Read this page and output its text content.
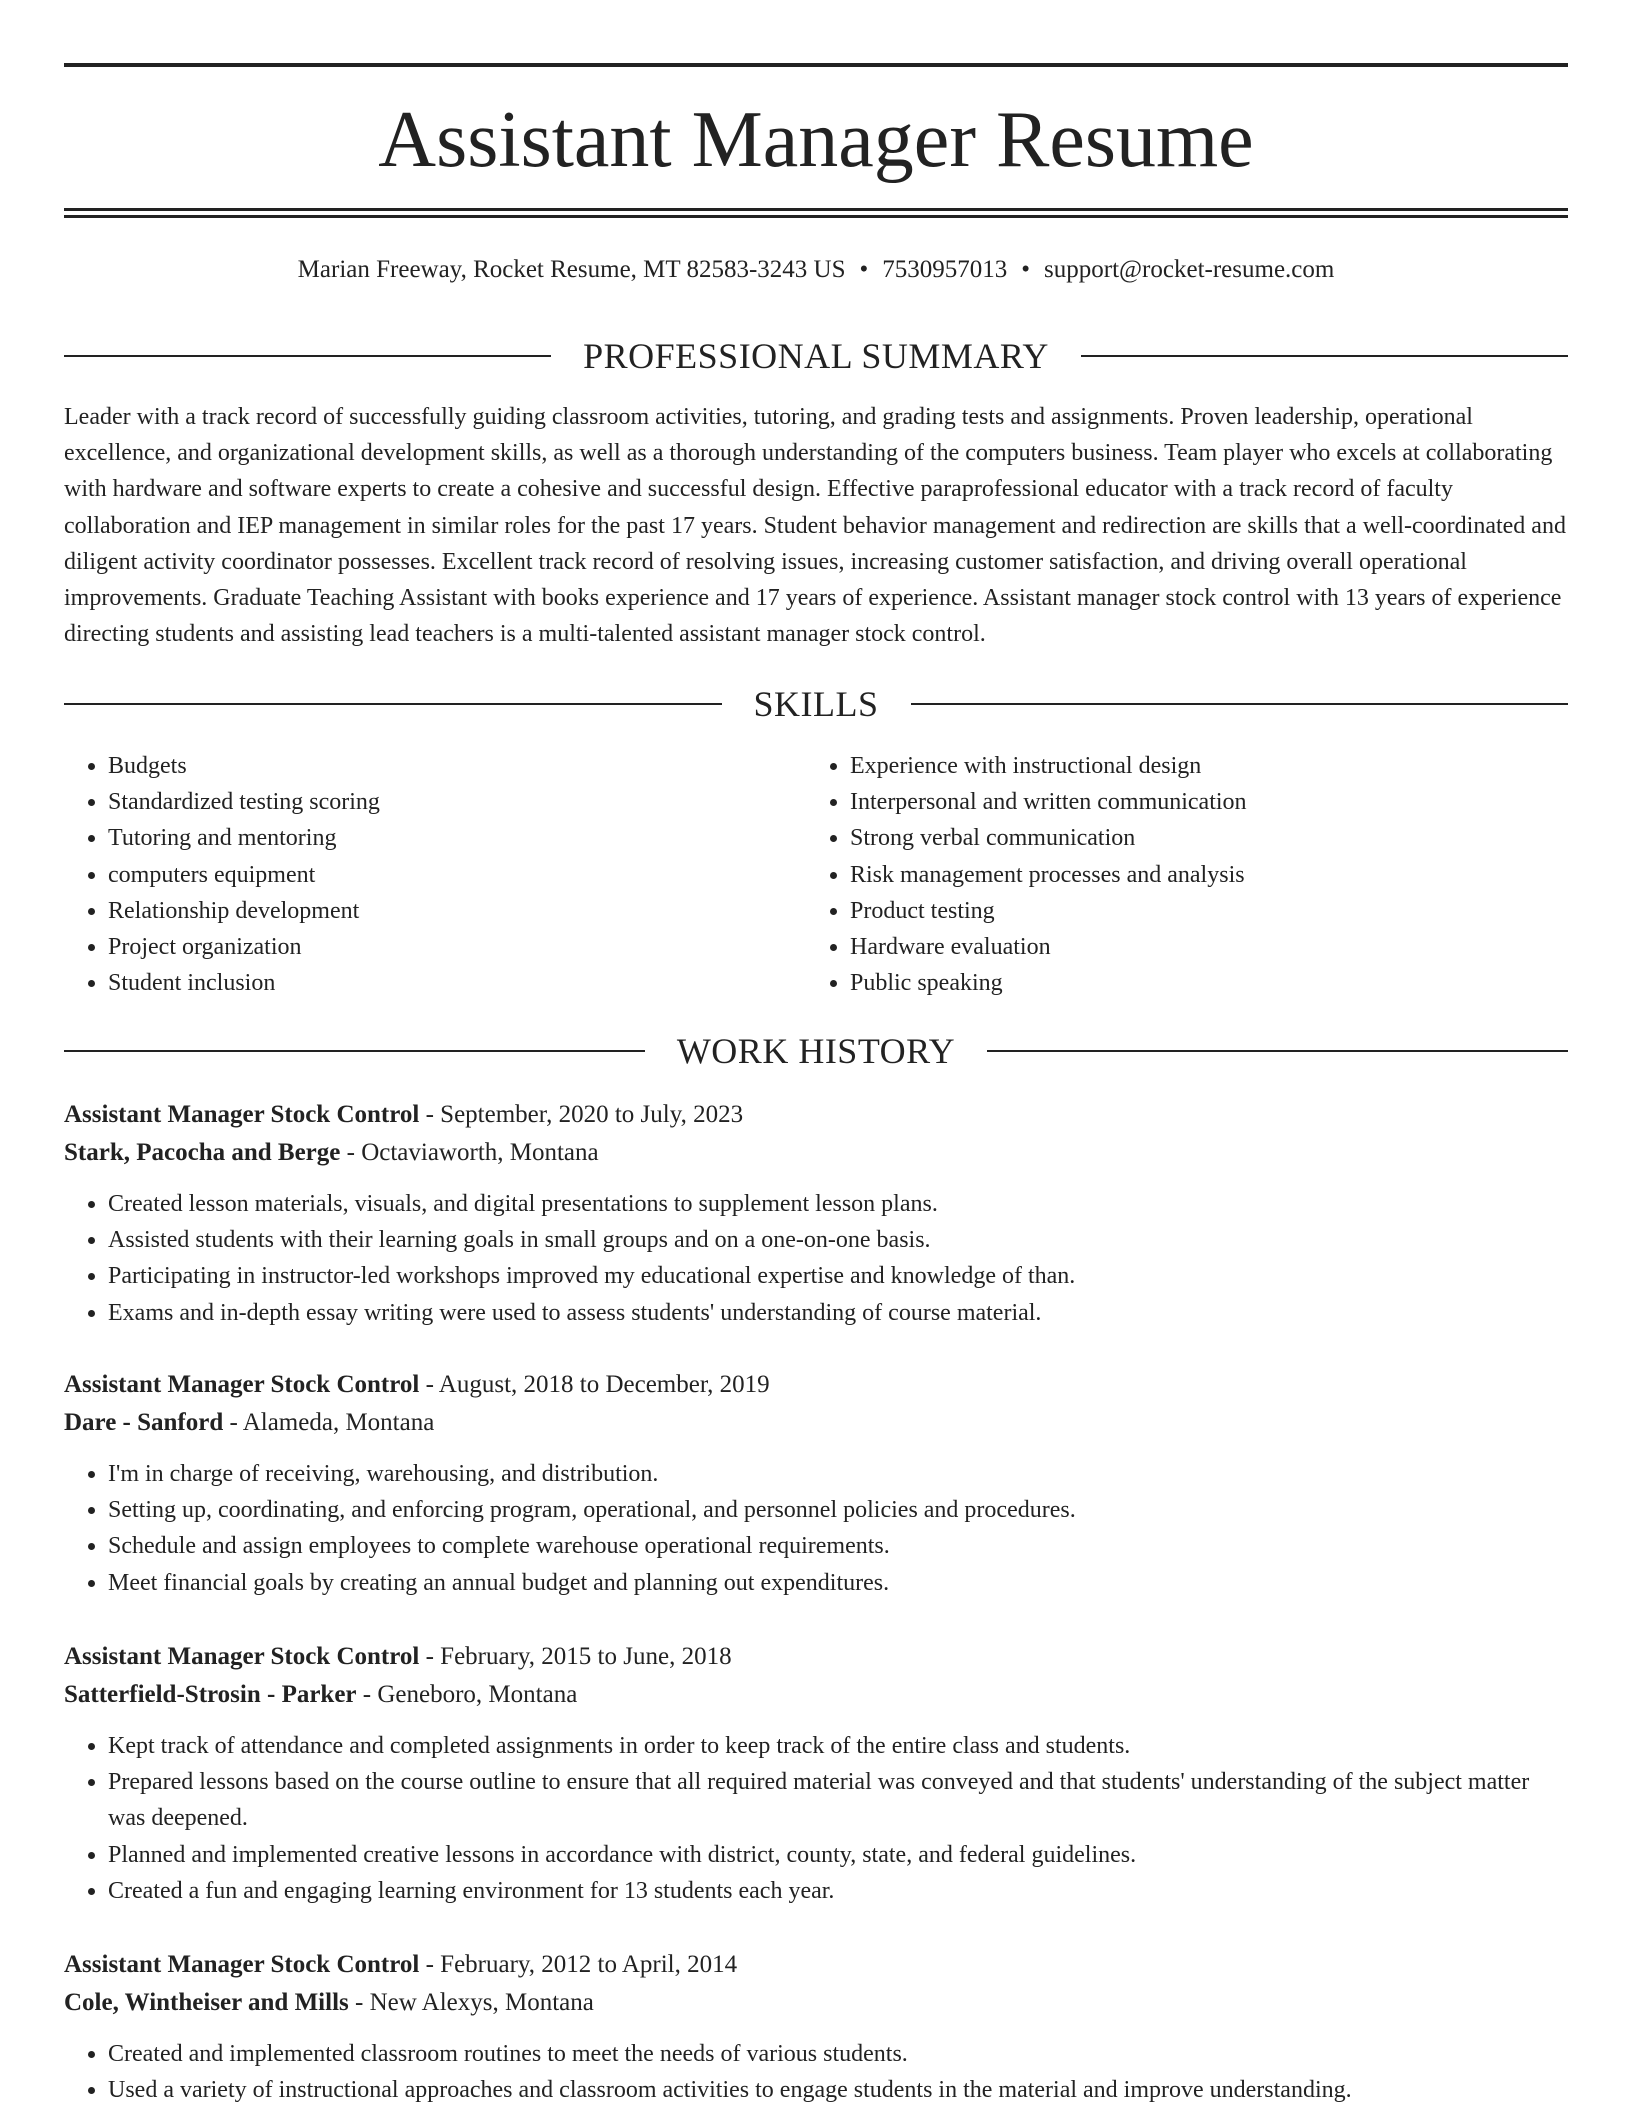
Assistant Manager Resume
Marian Freeway, Rocket Resume, MT 82583-3243 US • 7530957013 • support@rocket-resume.com
PROFESSIONAL SUMMARY

Leader with a track record of successfully guiding classroom activities, tutoring, and grading tests and assignments. Proven leadership, operational excellence, and organizational development skills, as well as a thorough understanding of the computers business. Team player who excels at collaborating with hardware and software experts to create a cohesive and successful design. Effective paraprofessional educator with a track record of faculty collaboration and IEP management in similar roles for the past 17 years. Student behavior management and redirection are skills that a well-coordinated and diligent activity coordinator possesses. Excellent track record of resolving issues, increasing customer satisfaction, and driving overall operational improvements. Graduate Teaching Assistant with books experience and 17 years of experience. Assistant manager stock control with 13 years of experience directing students and assisting lead teachers is a multi-talented assistant manager stock control.

SKILLS
• Budgets
• Standardized testing scoring
• Tutoring and mentoring
• computers equipment
• Relationship development
• Project organization
• Student inclusion
• Experience with instructional design
• Interpersonal and written communication
• Strong verbal communication
• Risk management processes and analysis
• Product testing
• Hardware evaluation
• Public speaking
WORK HISTORY
Assistant Manager Stock Control - September, 2020 to July, 2023
Stark, Pacocha and Berge - Octaviaworth, Montana
• Created lesson materials, visuals, and digital presentations to supplement lesson plans.
• Assisted students with their learning goals in small groups and on a one-on-one basis.
• Participating in instructor-led workshops improved my educational expertise and knowledge of than.
• Exams and in-depth essay writing were used to assess students' understanding of course material.
Assistant Manager Stock Control - August, 2018 to December, 2019
Dare - Sanford - Alameda, Montana
• I'm in charge of receiving, warehousing, and distribution.
• Setting up, coordinating, and enforcing program, operational, and personnel policies and procedures.
• Schedule and assign employees to complete warehouse operational requirements.
• Meet financial goals by creating an annual budget and planning out expenditures.
Assistant Manager Stock Control - February, 2015 to June, 2018
Satterfield-Strosin - Parker - Geneboro, Montana
• Kept track of attendance and completed assignments in order to keep track of the entire class and students.
• Prepared lessons based on the course outline to ensure that all required material was conveyed and that students' understanding of the subject matter was deepened.
• Planned and implemented creative lessons in accordance with district, county, state, and federal guidelines.
• Created a fun and engaging learning environment for 13 students each year.
Assistant Manager Stock Control - February, 2012 to April, 2014
Cole, Wintheiser and Mills - New Alexys, Montana
• Created and implemented classroom routines to meet the needs of various students.
• Used a variety of instructional approaches and classroom activities to engage students in the material and improve understanding.
